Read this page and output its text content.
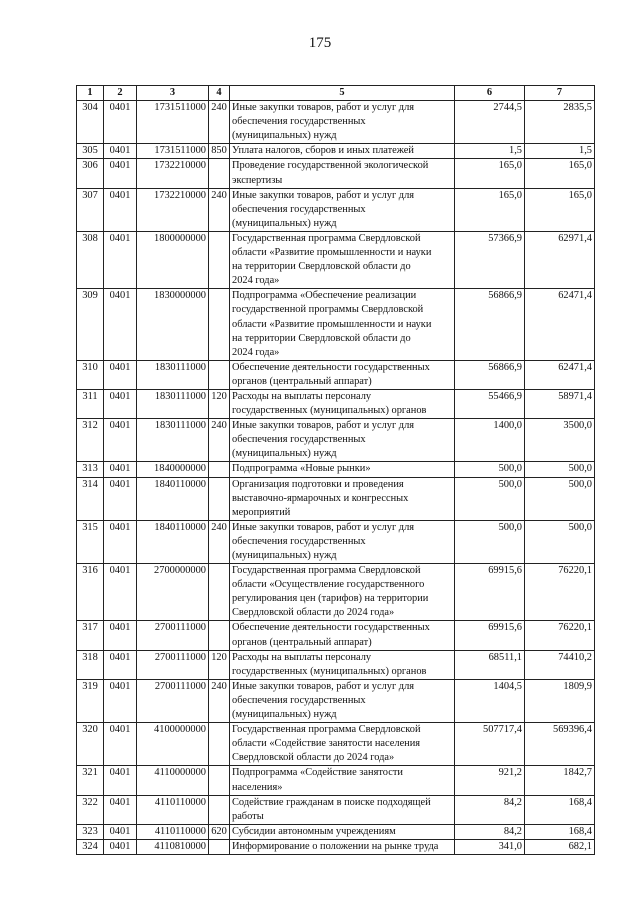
175
1	2	3	4	5	6	7
304	0401	1731511000	240	Иные закупки товаров, работ и услуг для
обеспечения государственных
(муниципальных) нужд	2744,5	2835,5
305	0401	1731511000	850	Уплата налогов, сборов и иных платежей	1,5	1,5
306	0401	1732210000		Проведение государственной экологической
экспертизы	165,0	165,0
307	0401	1732210000	240	Иные закупки товаров, работ и услуг для
обеспечения государственных
(муниципальных) нужд	165,0	165,0
308	0401	1800000000		Государственная программа Свердловской
области «Развитие промышленности и науки
на территории Свердловской области до
2024 года»	57366,9	62971,4
309	0401	1830000000		Подпрограмма «Обеспечение реализации
государственной программы Свердловской
области «Развитие промышленности и науки
на территории Свердловской области до
2024 года»	56866,9	62471,4
310	0401	1830111000		Обеспечение деятельности государственных
органов (центральный аппарат)	56866,9	62471,4
311	0401	1830111000	120	Расходы на выплаты персоналу
государственных (муниципальных) органов	55466,9	58971,4
312	0401	1830111000	240	Иные закупки товаров, работ и услуг для
обеспечения государственных
(муниципальных) нужд	1400,0	3500,0
313	0401	1840000000		Подпрограмма «Новые рынки»	500,0	500,0
314	0401	1840110000		Организация подготовки и проведения
выставочно-ярмарочных и конгрессных
мероприятий	500,0	500,0
315	0401	1840110000	240	Иные закупки товаров, работ и услуг для
обеспечения государственных
(муниципальных) нужд	500,0	500,0
316	0401	2700000000		Государственная программа Свердловской
области «Осуществление государственного
регулирования цен (тарифов) на территории
Свердловской области до 2024 года»	69915,6	76220,1
317	0401	2700111000		Обеспечение деятельности государственных
органов (центральный аппарат)	69915,6	76220,1
318	0401	2700111000	120	Расходы на выплаты персоналу
государственных (муниципальных) органов	68511,1	74410,2
319	0401	2700111000	240	Иные закупки товаров, работ и услуг для
обеспечения государственных
(муниципальных) нужд	1404,5	1809,9
320	0401	4100000000		Государственная программа Свердловской
области «Содействие занятости населения
Свердловской области до 2024 года»	507717,4	569396,4
321	0401	4110000000		Подпрограмма «Содействие занятости
населения»	921,2	1842,7
322	0401	4110110000		Содействие гражданам в поиске подходящей
работы	84,2	168,4
323	0401	4110110000	620	Субсидии автономным учреждениям	84,2	168,4
324	0401	4110810000		Информирование о положении на рынке труда	341,0	682,1
